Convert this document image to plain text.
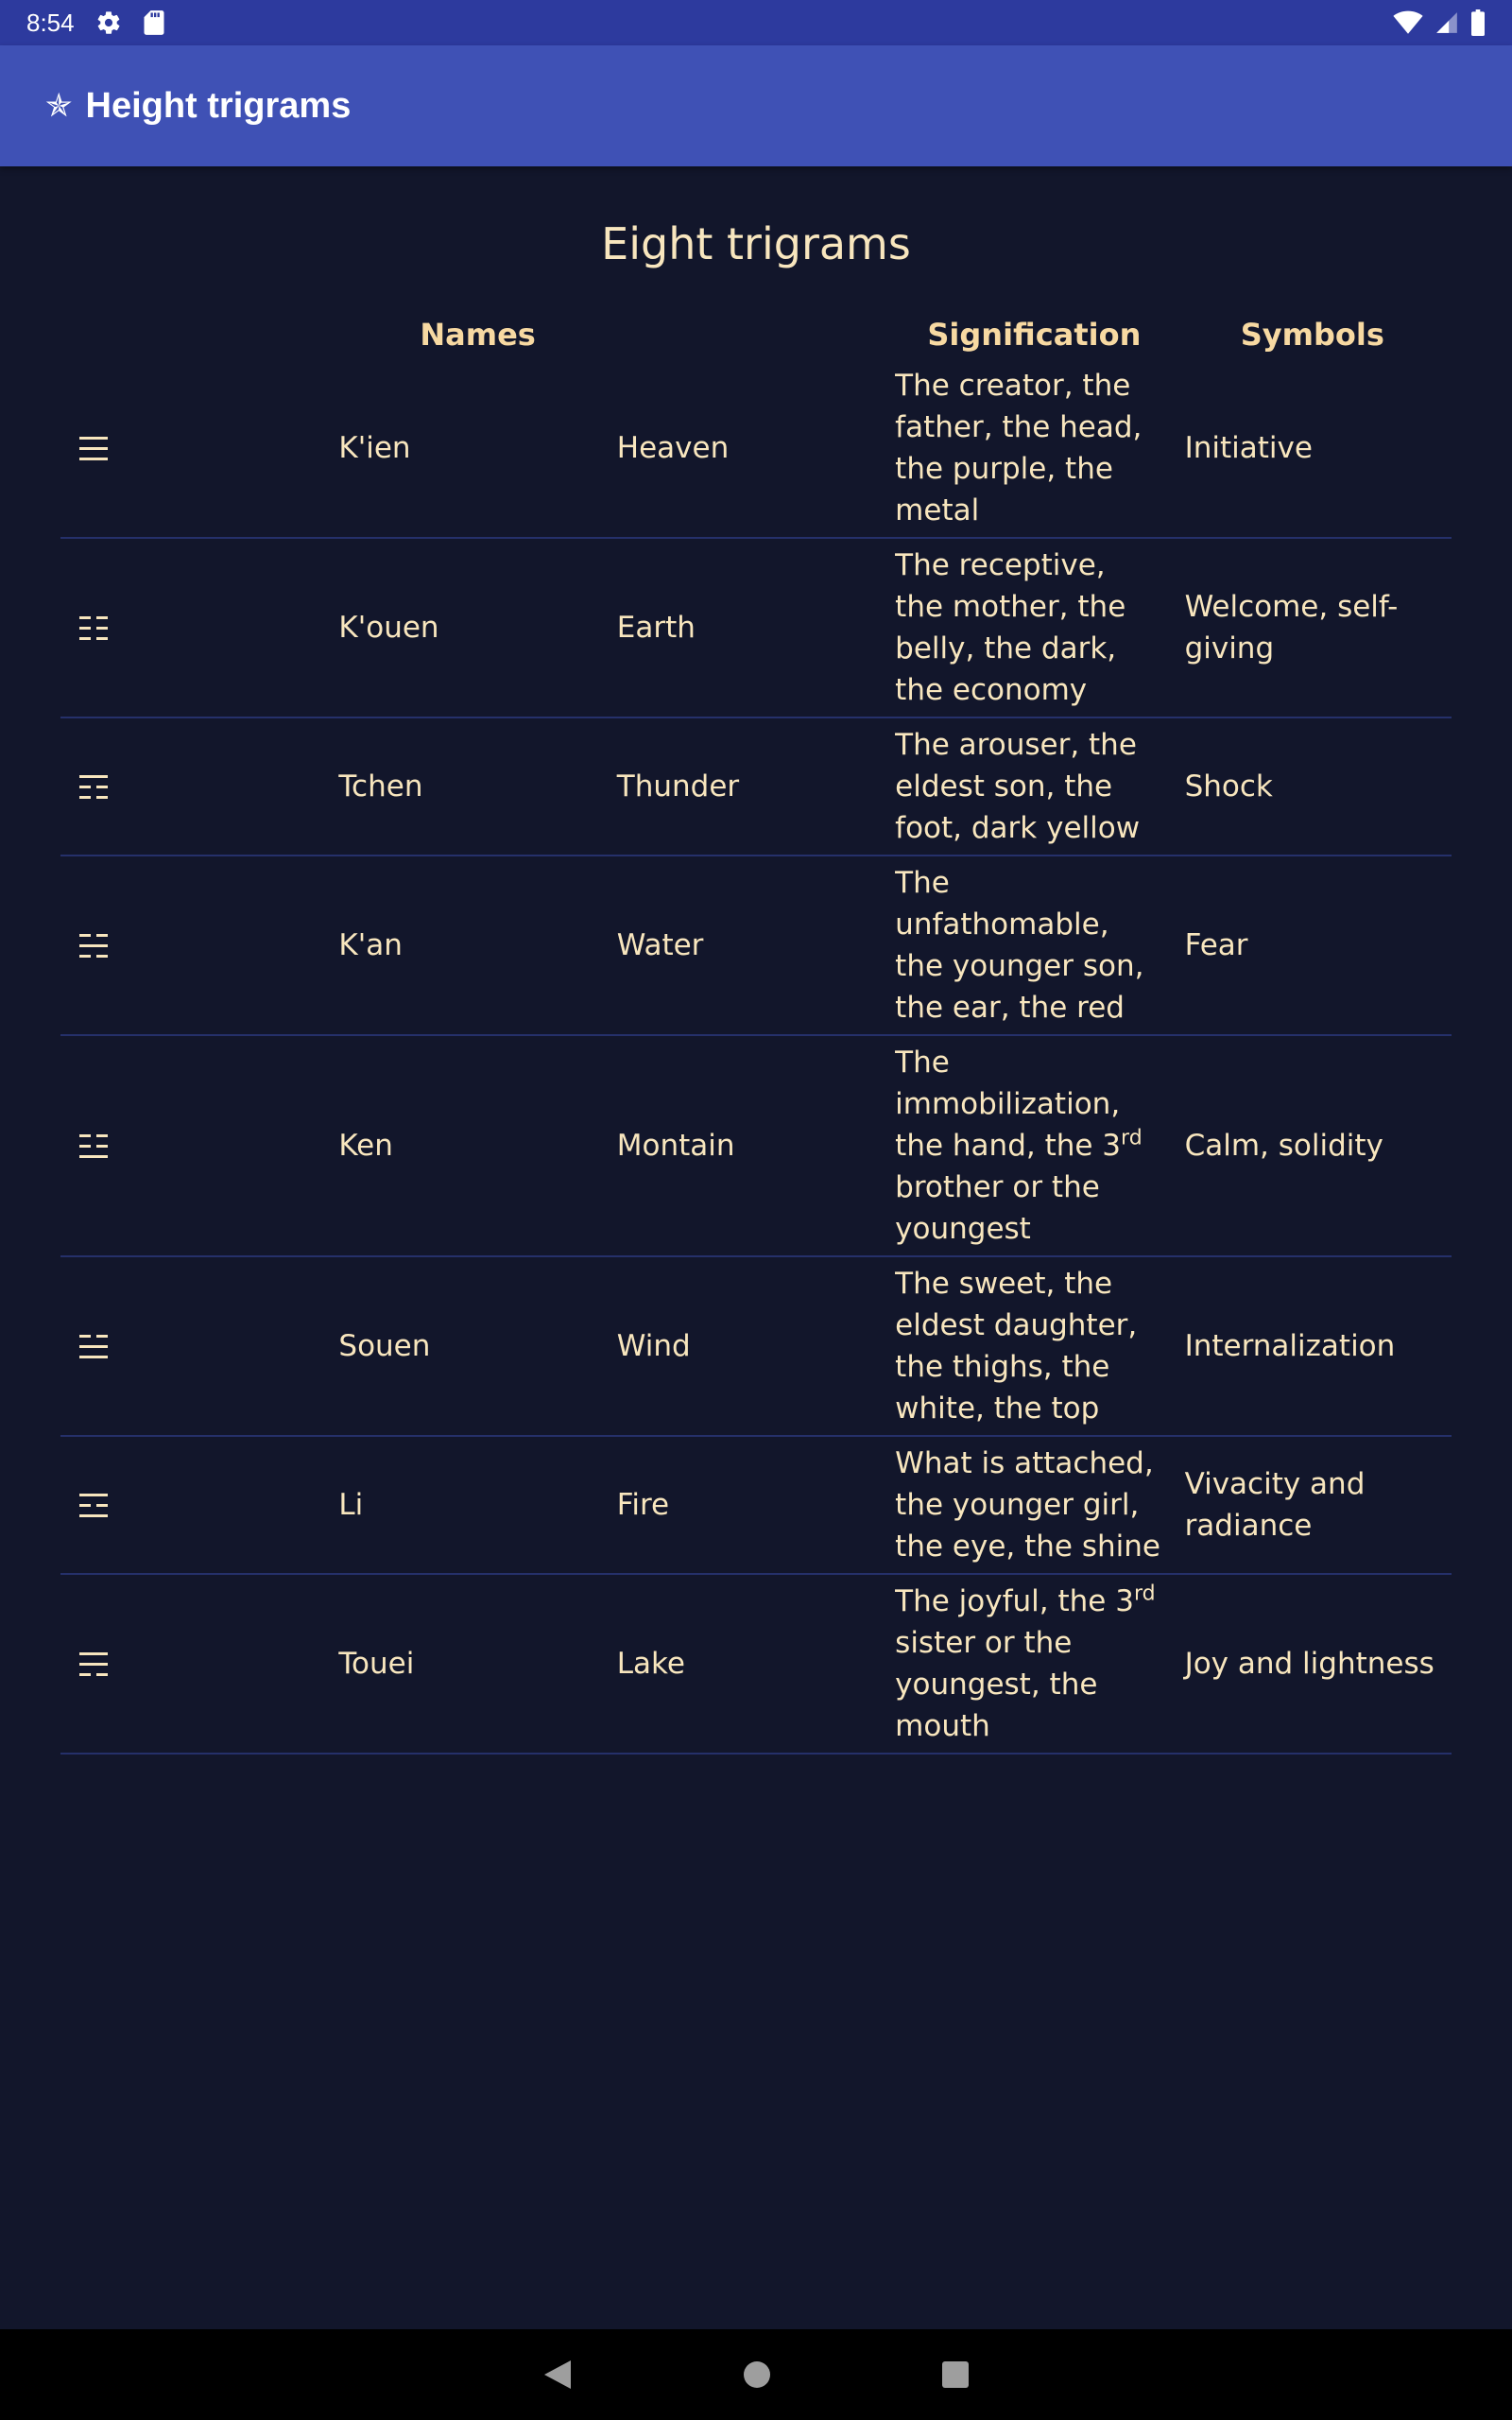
8:54
✯ Height trigrams
Eight trigrams
Names			Signification	Symbols

	K'ien	Heaven	The creator, the father, the head, the purple, the metal	Initiative

	K'ouen	Earth	The receptive, the mother, the belly, the dark, the economy	Welcome, self-giving

	Tchen	Thunder	The arouser, the eldest son, the foot, dark yellow	Shock

	K'an	Water	The unfathomable, the younger son, the ear, the red	Fear

	Ken	Montain	The immobilization, the hand, the 3rd brother or the youngest	Calm, solidity

	Souen	Wind	The sweet, the eldest daughter, the thighs, the white, the top	Internalization

	Li	Fire	What is attached, the younger girl, the eye, the shine	Vivacity and radiance

	Touei	Lake	The joyful, the 3rd sister or the youngest, the mouth	Joy and lightness
